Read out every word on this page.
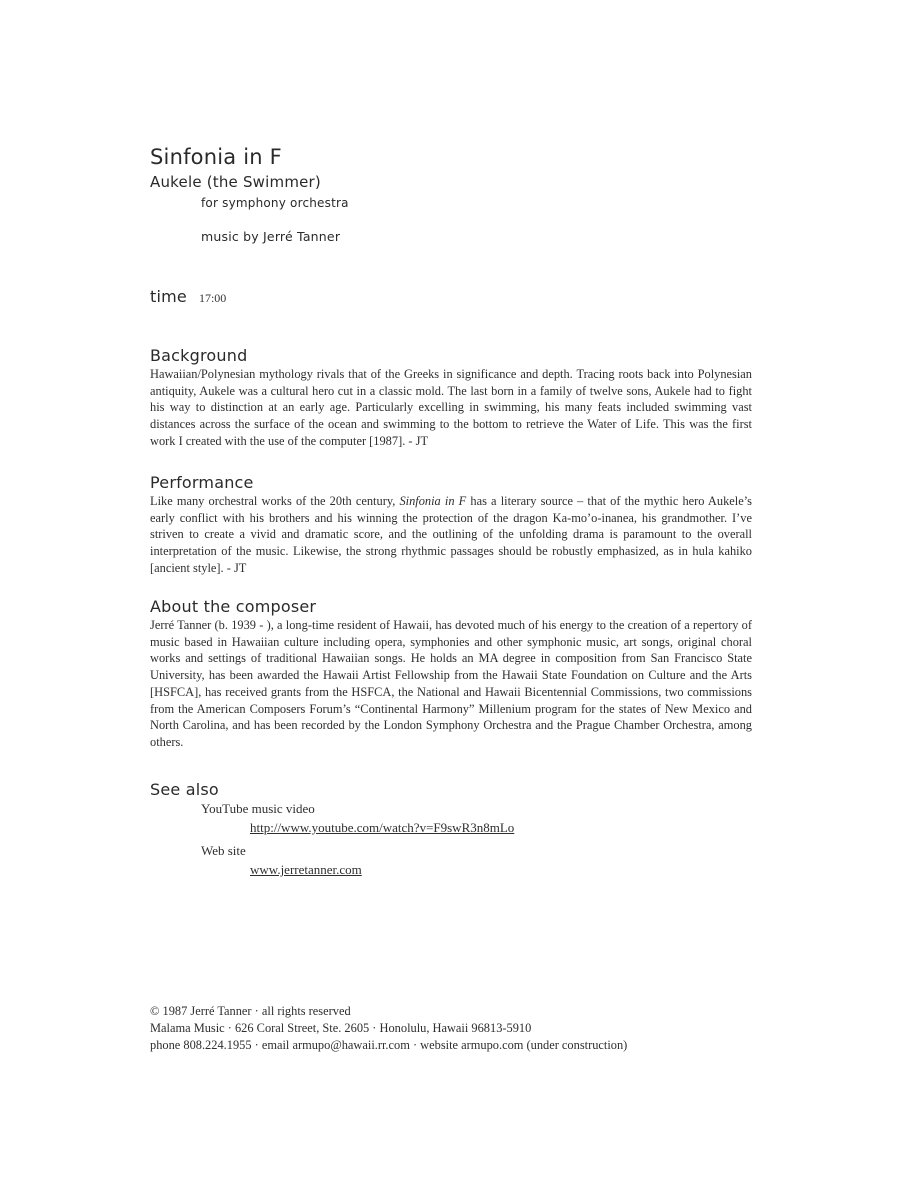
Sinfonia in F
Aukele (the Swimmer)
for symphony orchestra
music by Jerré Tanner
time 17:00
Background
Hawaiian/Polynesian mythology rivals that of the Greeks in significance and depth. Tracing roots back into Polynesian antiquity, Aukele was a cultural hero cut in a classic mold. The last born in a family of twelve sons, Aukele had to fight his way to distinction at an early age. Particularly excelling in swimming, his many feats included swimming vast distances across the surface of the ocean and swimming to the bottom to retrieve the Water of Life. This was the first work I created with the use of the computer [1987]. - JT
Performance
Like many orchestral works of the 20th century, Sinfonia in F has a literary source – that of the mythic hero Aukele’s early conflict with his brothers and his winning the protection of the dragon Ka-mo’o-inanea, his grandmother. I’ve striven to create a vivid and dramatic score, and the outlining of the unfolding drama is paramount to the overall interpretation of the music. Likewise, the strong rhythmic passages should be robustly emphasized, as in hula kahiko [ancient style]. - JT
About the composer
Jerré Tanner (b. 1939 - ), a long-time resident of Hawaii, has devoted much of his energy to the creation of a repertory of music based in Hawaiian culture including opera, symphonies and other symphonic music, art songs, original choral works and settings of traditional Hawaiian songs. He holds an MA degree in composition from San Francisco State University, has been awarded the Hawaii Artist Fellowship from the Hawaii State Foundation on Culture and the Arts [HSFCA], has received grants from the HSFCA, the National and Hawaii Bicentennial Commissions, two commissions from the American Composers Forum’s “Continental Harmony” Millenium program for the states of New Mexico and North Carolina, and has been recorded by the London Symphony Orchestra and the Prague Chamber Orchestra, among others.
See also
YouTube music video
http://www.youtube.com/watch?v=F9swR3n8mLo
Web site
www.jerretanner.com
© 1987 Jerré Tanner · all rights reserved
Malama Music · 626 Coral Street, Ste. 2605 · Honolulu, Hawaii 96813-5910
phone 808.224.1955 · email armupo@hawaii.rr.com · website armupo.com (under construction)
